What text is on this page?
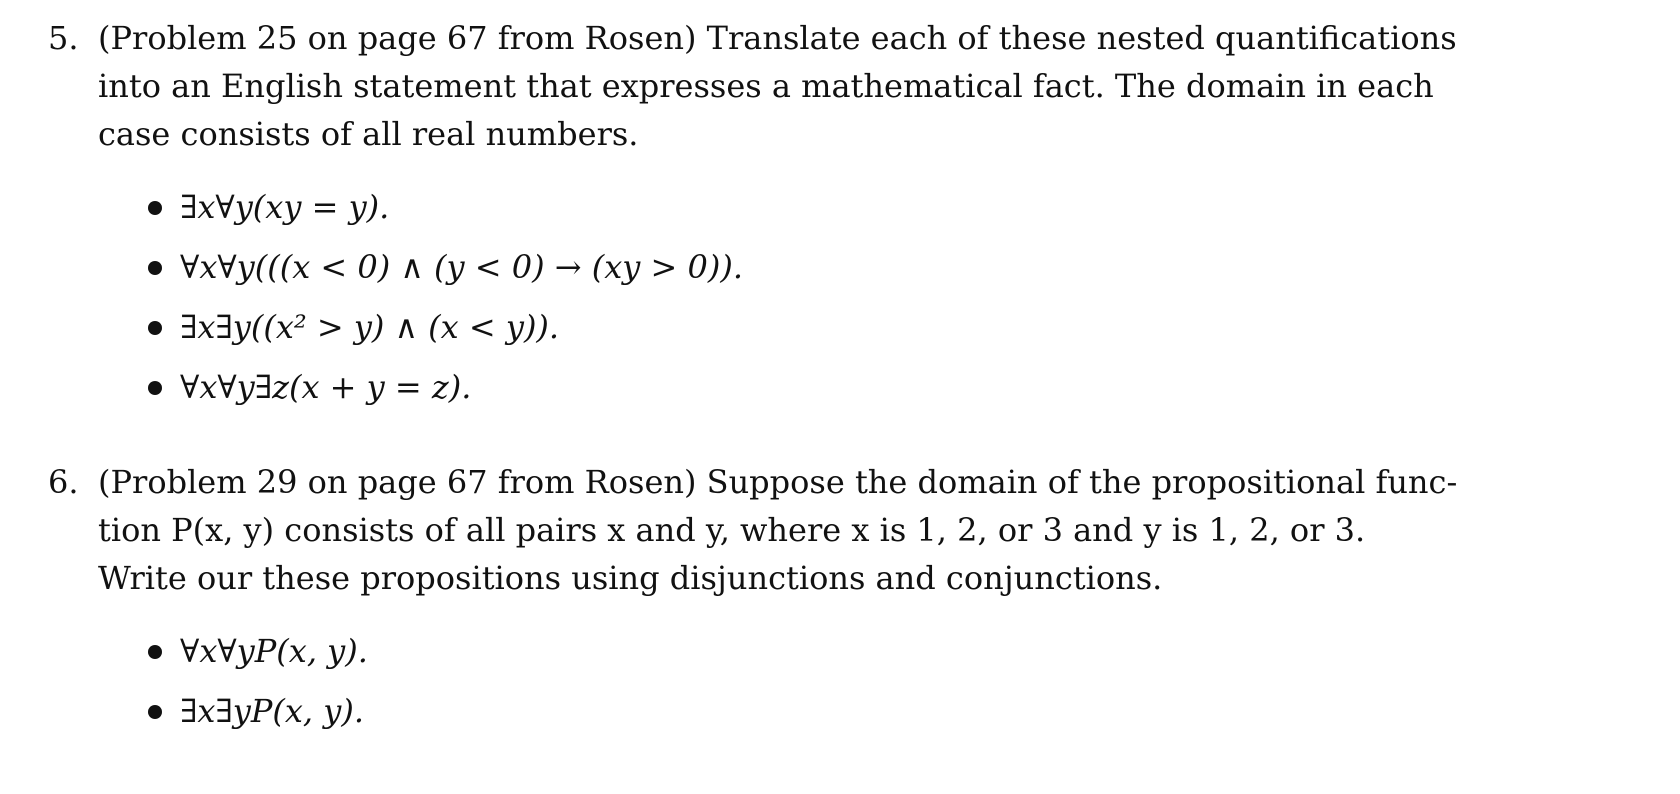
5. (Problem 25 on page 67 from Rosen) Translate each of these nested quantifications
into an English statement that expresses a mathematical fact. The domain in each
case consists of all real numbers.
∃x∀y(xy = y).
∀x∀y(((x < 0) ∧ (y < 0) → (xy > 0)).
∃x∃y((x² > y) ∧ (x < y)).
∀x∀y∃z(x + y = z).
6. (Problem 29 on page 67 from Rosen) Suppose the domain of the propositional func-
tion P(x, y) consists of all pairs x and y, where x is 1, 2, or 3 and y is 1, 2, or 3.
Write our these propositions using disjunctions and conjunctions.
∀x∀yP(x, y).
∃x∃yP(x, y).
